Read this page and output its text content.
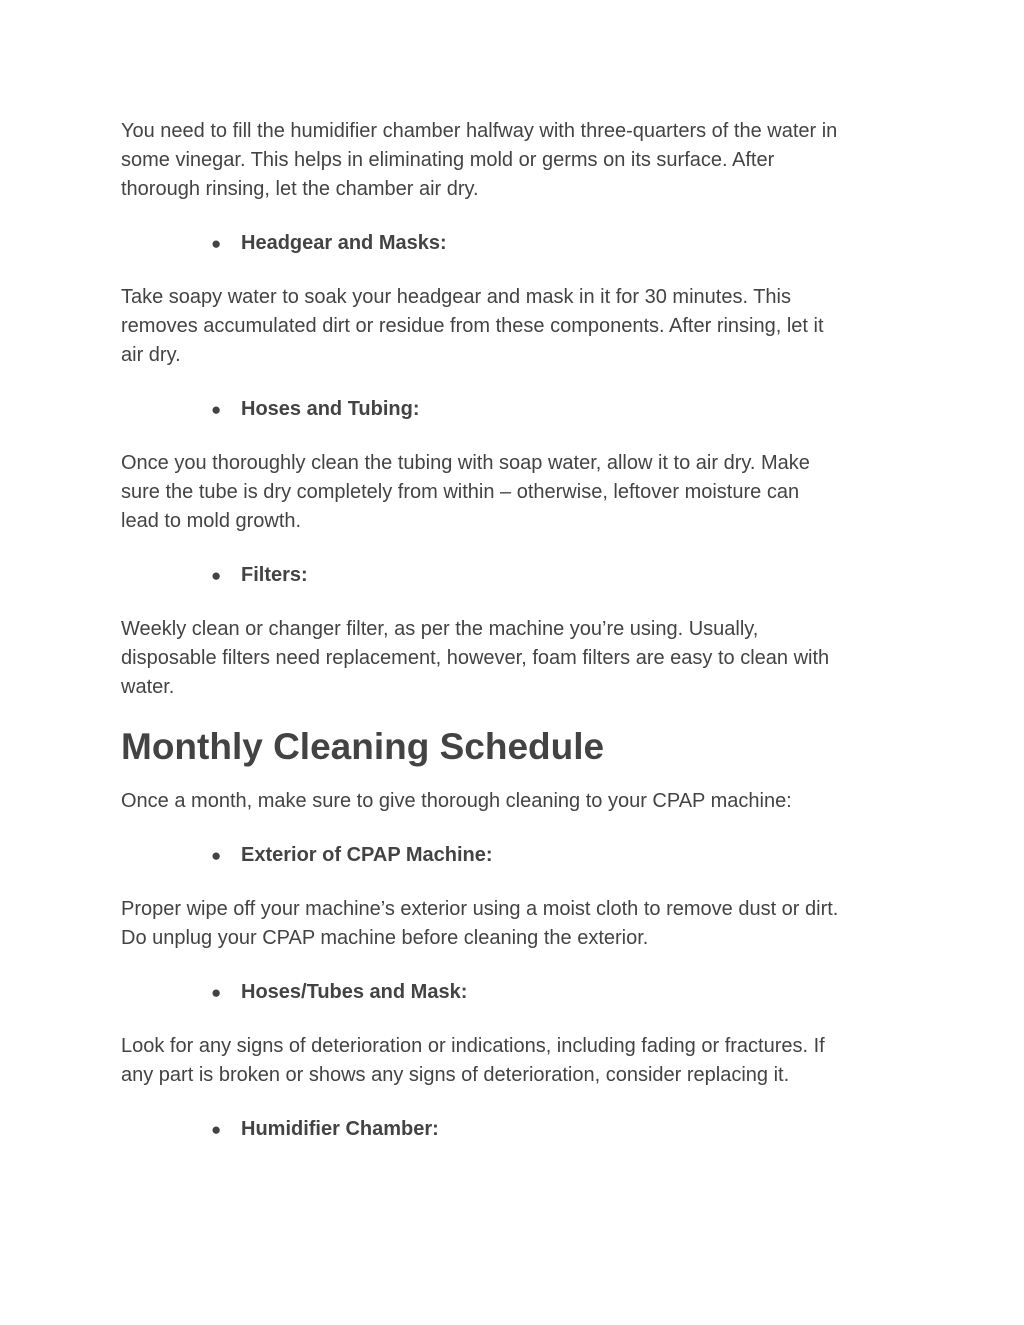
You need to fill the humidifier chamber halfway with three-quarters of the water in
some vinegar. This helps in eliminating mold or germs on its surface. After
thorough rinsing, let the chamber air dry.

● Headgear and Masks:

Take soapy water to soak your headgear and mask in it for 30 minutes. This
removes accumulated dirt or residue from these components. After rinsing, let it
air dry.

● Hoses and Tubing:

Once you thoroughly clean the tubing with soap water, allow it to air dry. Make
sure the tube is dry completely from within – otherwise, leftover moisture can
lead to mold growth.

● Filters:

Weekly clean or changer filter, as per the machine you’re using. Usually,
disposable filters need replacement, however, foam filters are easy to clean with
water.

Monthly Cleaning Schedule

Once a month, make sure to give thorough cleaning to your CPAP machine:

● Exterior of CPAP Machine:

Proper wipe off your machine’s exterior using a moist cloth to remove dust or dirt.
Do unplug your CPAP machine before cleaning the exterior.

● Hoses/Tubes and Mask:

Look for any signs of deterioration or indications, including fading or fractures. If
any part is broken or shows any signs of deterioration, consider replacing it.

● Humidifier Chamber:
